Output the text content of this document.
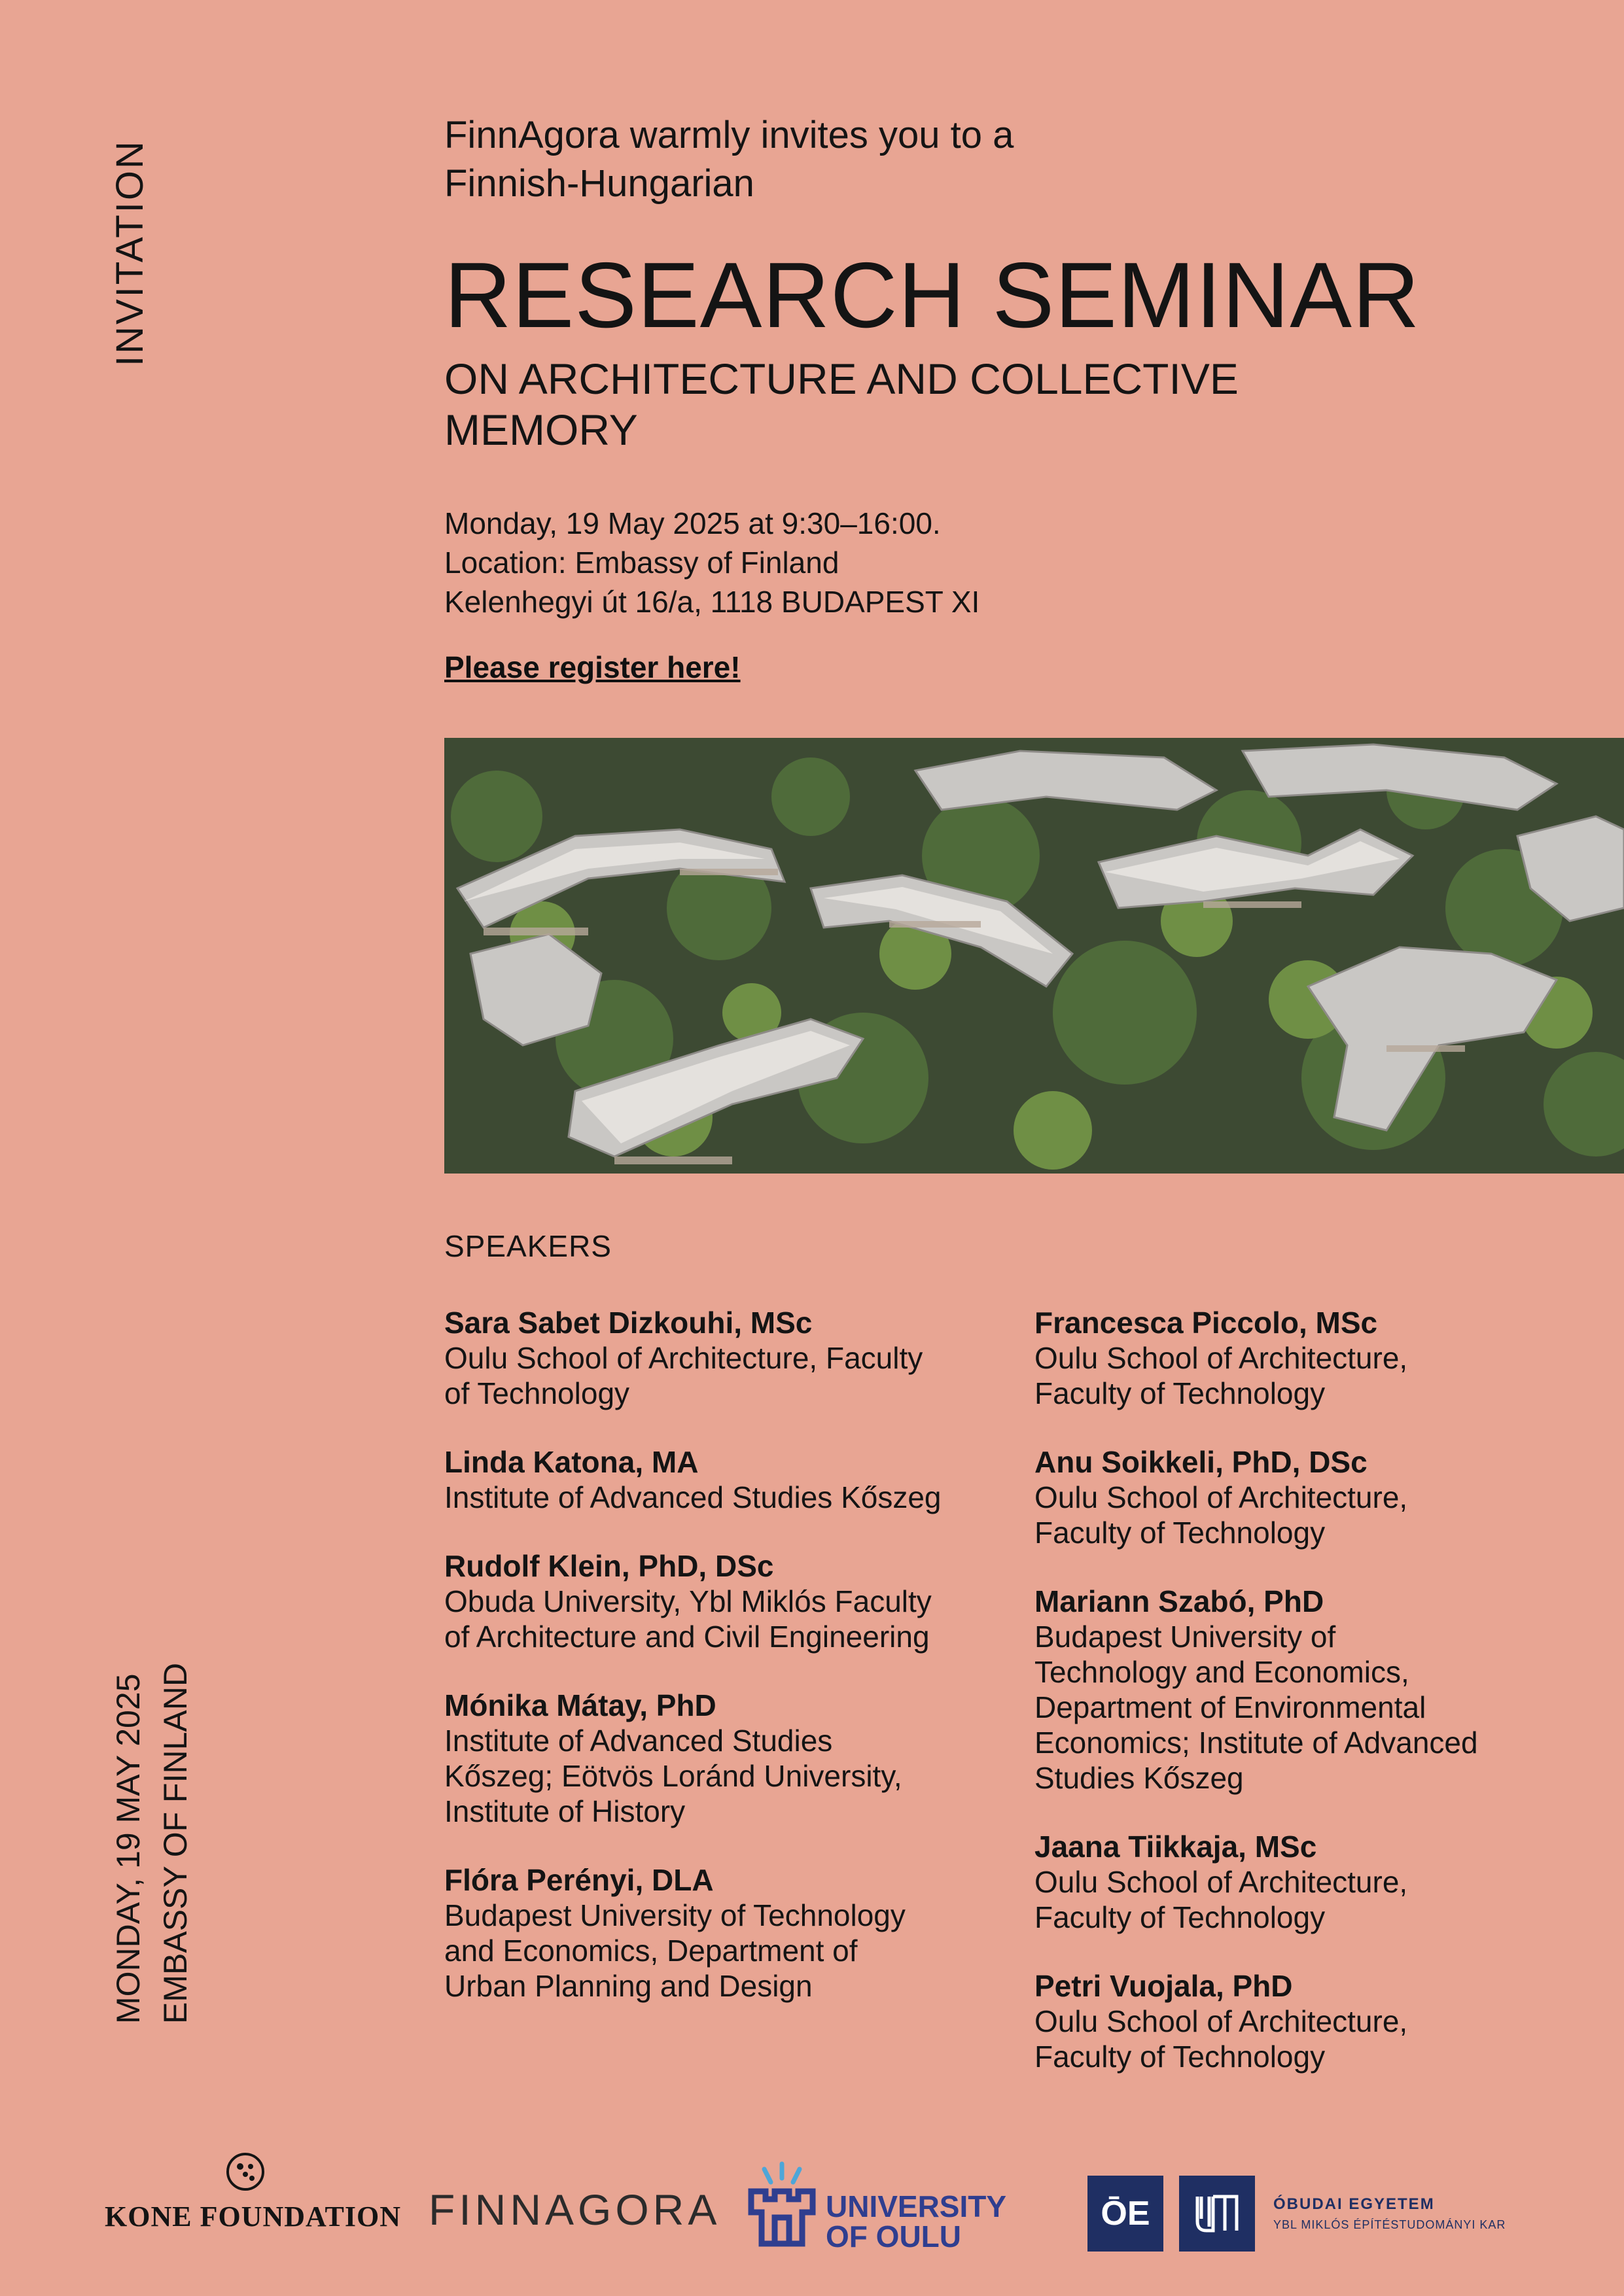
INVITATION
MONDAY, 19 MAY 2025 EMBASSY OF FINLAND
FinnAgora warmly invites you to a
Finnish-Hungarian
RESEARCH SEMINAR
ON ARCHITECTURE AND COLLECTIVE
MEMORY
Monday, 19 May 2025 at 9:30–16:00.
Location: Embassy of Finland
Kelenhegyi út 16/a, 1118 BUDAPEST XI
Please register here!
SPEAKERS
Sara Sabet Dizkouhi, MSc
Oulu School of Architecture, Faculty
of Technology
Linda Katona, MA
Institute of Advanced Studies Kőszeg
Rudolf Klein, PhD, DSc
Obuda University, Ybl Miklós Faculty
of Architecture and Civil Engineering
Mónika Mátay, PhD
Institute of Advanced Studies
Kőszeg; Eötvös Loránd University,
Institute of History
Flóra Perényi, DLA
Budapest University of Technology
and Economics, Department of
Urban Planning and Design
Francesca Piccolo, MSc
Oulu School of Architecture,
Faculty of Technology
Anu Soikkeli, PhD, DSc
Oulu School of Architecture,
Faculty of Technology
Mariann Szabó, PhD
Budapest University of
Technology and Economics,
Department of Environmental
Economics; Institute of Advanced
Studies Kőszeg
Jaana Tiikkaja, MSc
Oulu School of Architecture,
Faculty of Technology
Petri Vuojala, PhD
Oulu School of Architecture,
Faculty of Technology
KONE FOUNDATION FINNAGORA	UNIVERSITY
OF OULU
ŌE	ÓBUDAI EGYETEM
YBL MIKLÓS ÉPÍTÉSTUDOMÁNYI KAR
